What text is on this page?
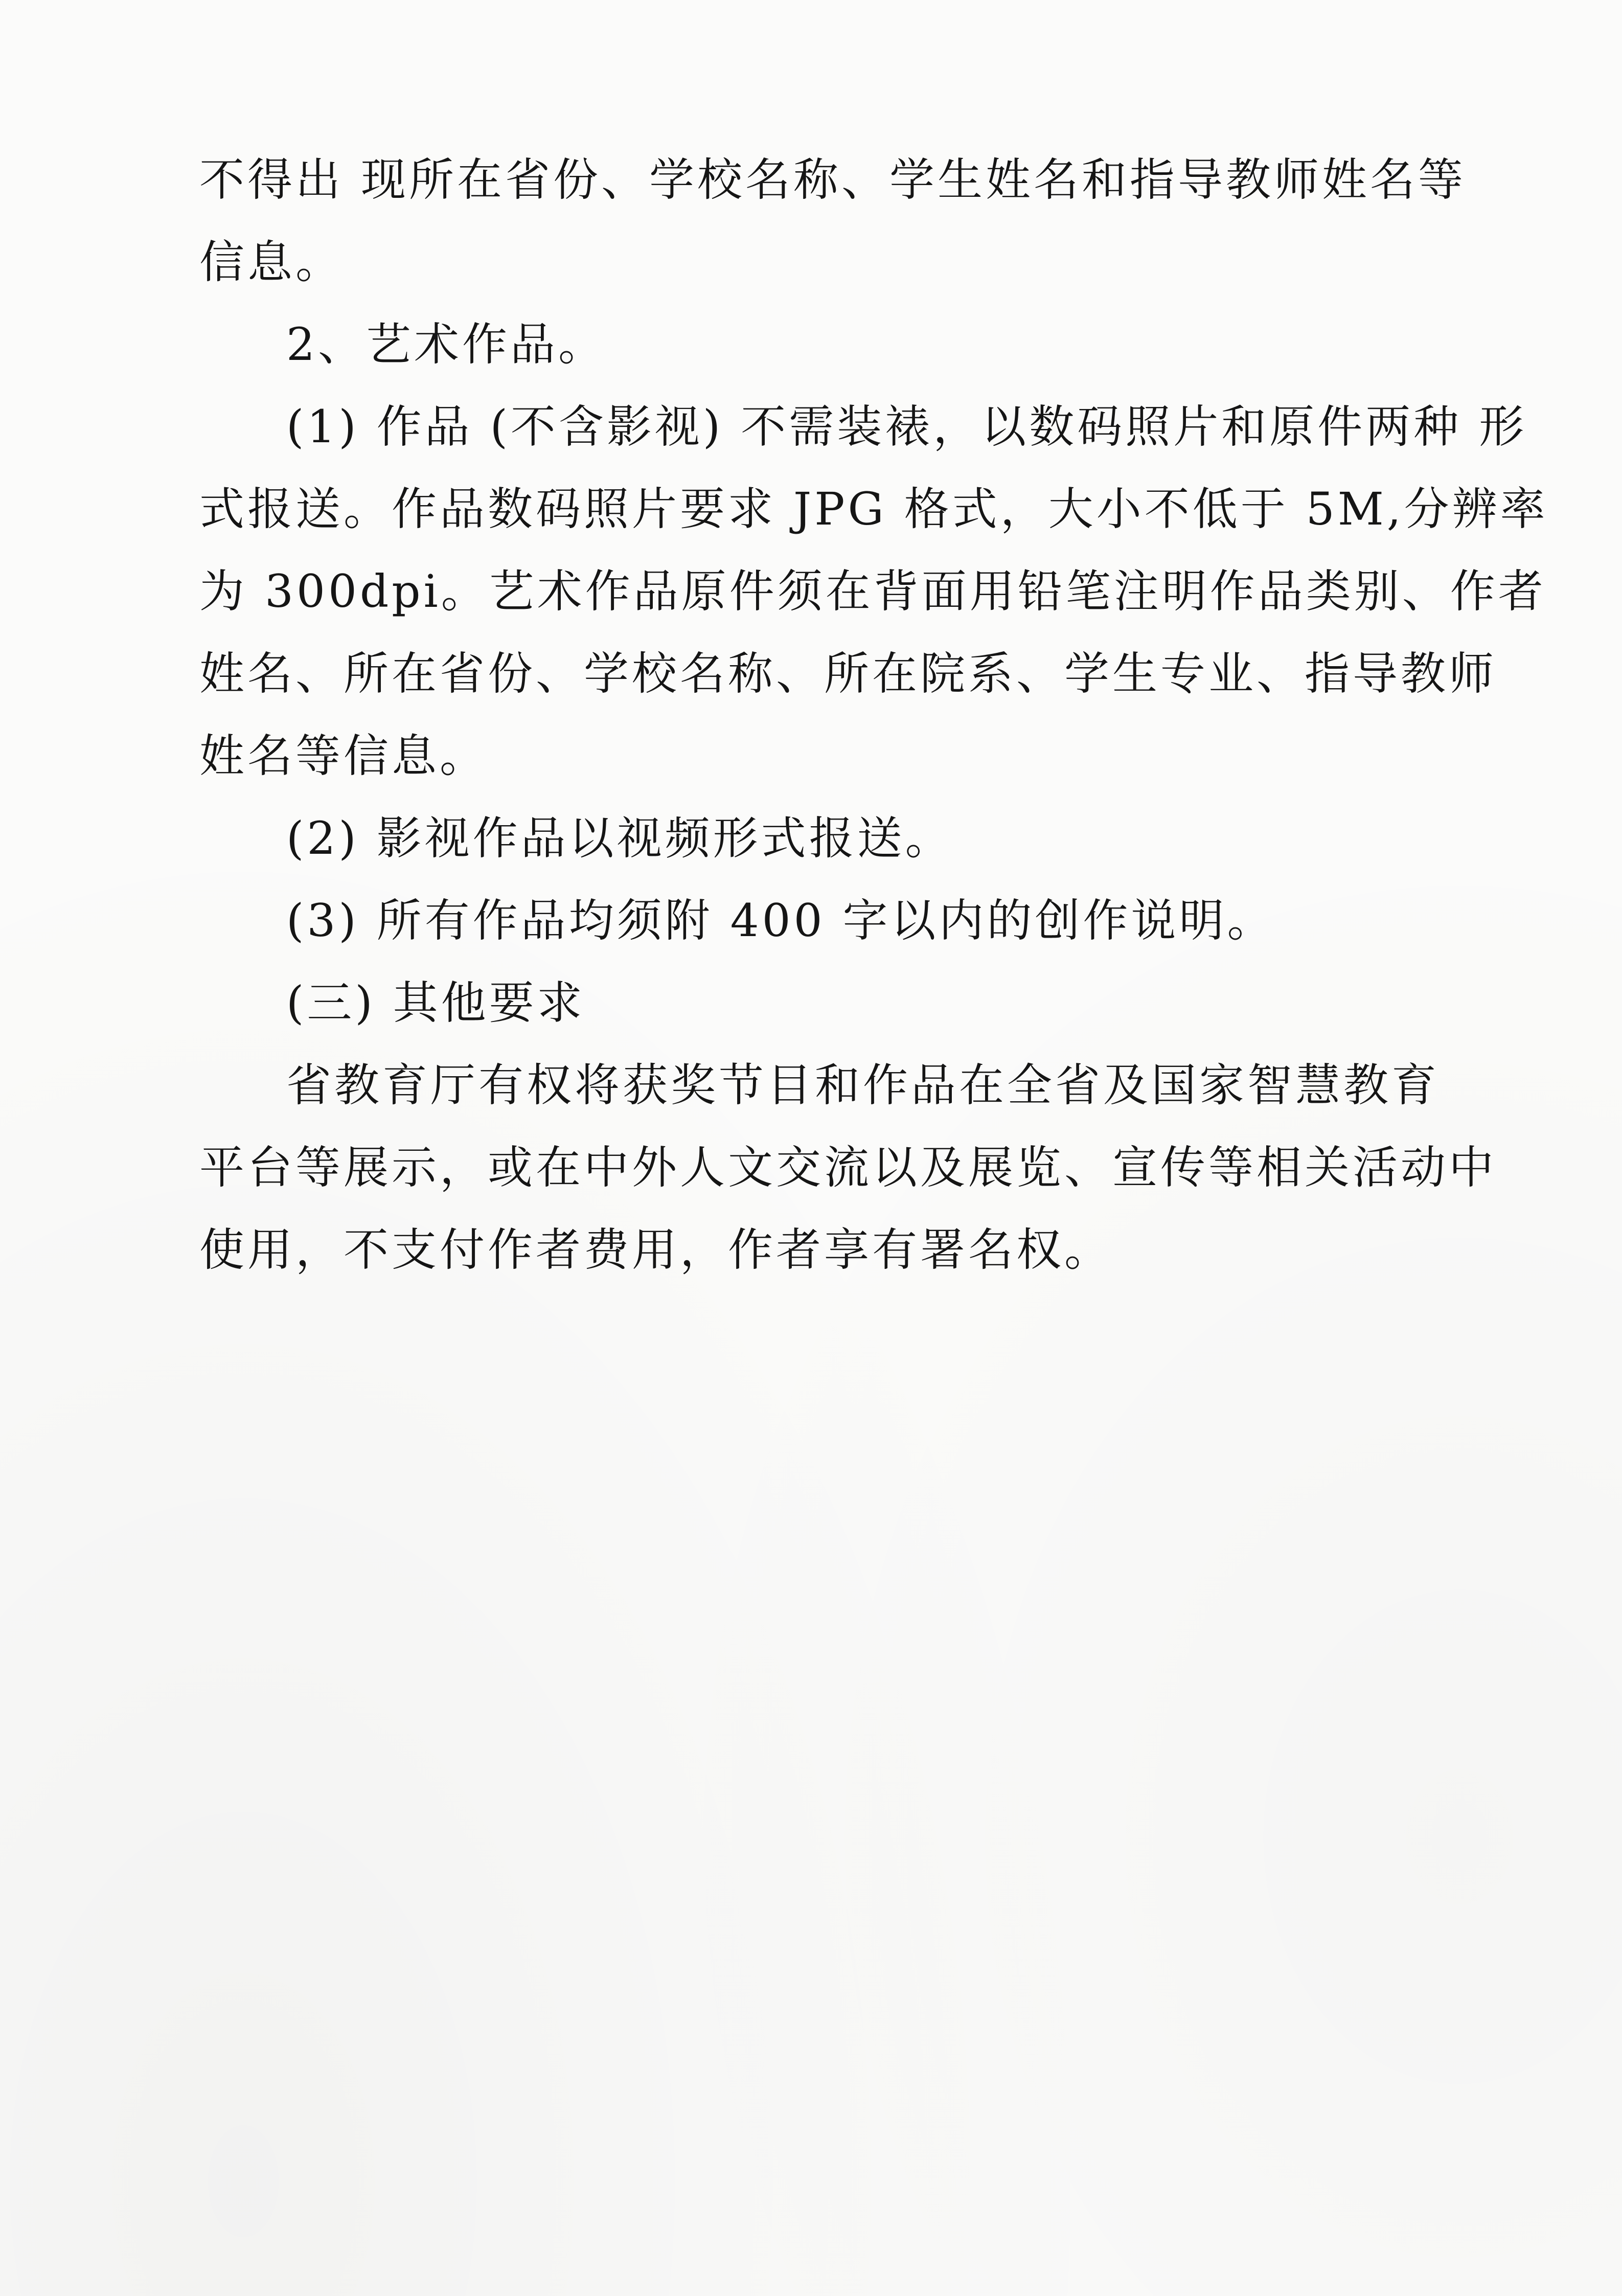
不得出 现所在省份、学校名称、学生姓名和指导教师姓名等

信息。

2、艺术作品。

(1) 作品 (不含影视) 不需装裱，以数码照片和原件两种 形

式报送。作品数码照片要求 JPG 格式，大小不低于 5M,分辨率

为 300dpi。艺术作品原件须在背面用铅笔注明作品类别、作者

姓名、所在省份、学校名称、所在院系、学生专业、指导教师

姓名等信息。

(2) 影视作品以视频形式报送。

(3) 所有作品均须附 400 字以内的创作说明。

(三) 其他要求

省教育厅有权将获奖节目和作品在全省及国家智慧教育

平台等展示，或在中外人文交流以及展览、宣传等相关活动中

使用，不支付作者费用，作者享有署名权。
